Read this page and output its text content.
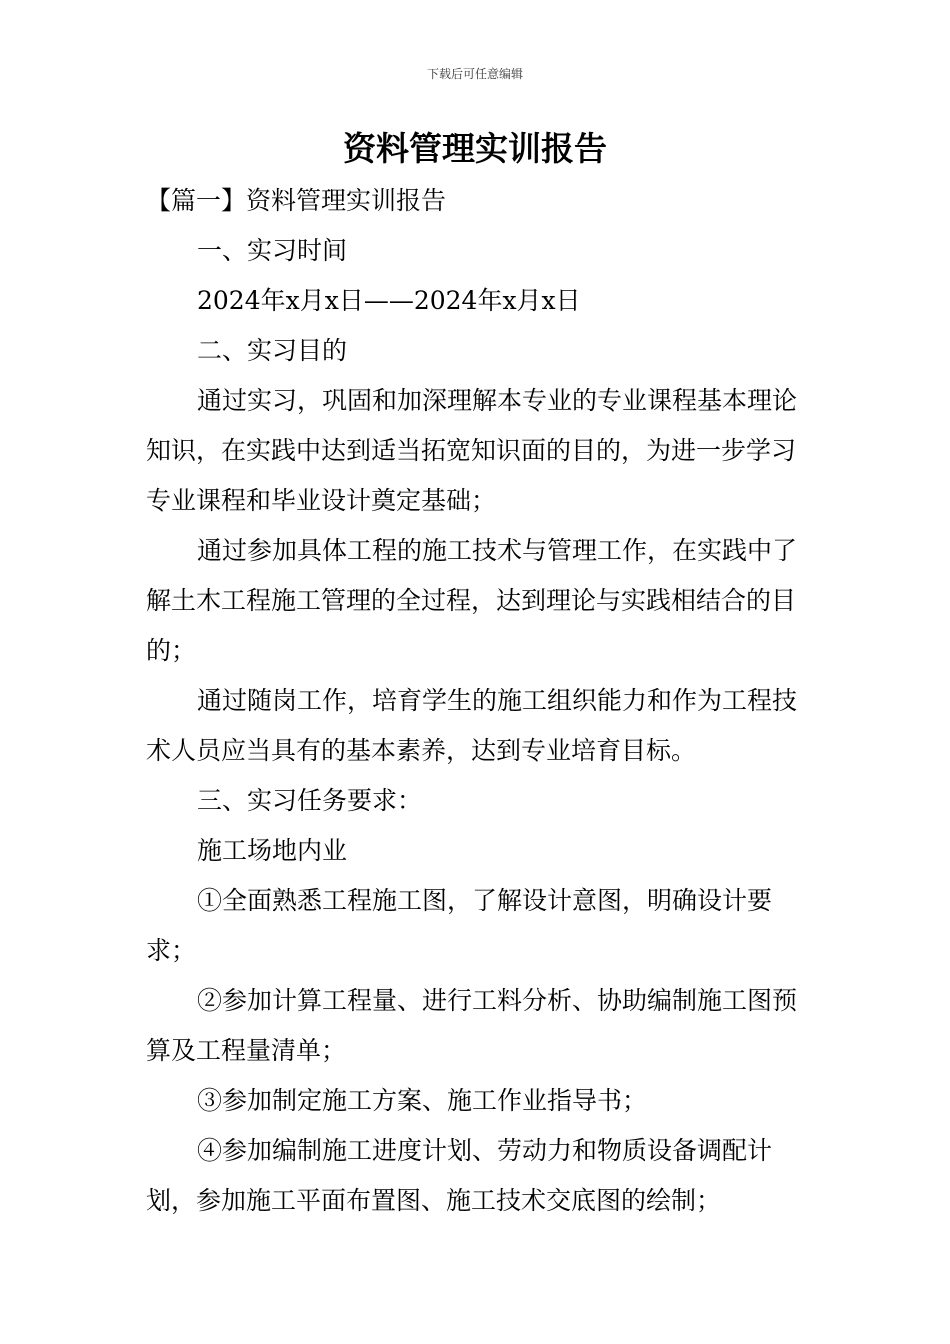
下载后可任意编辑
资料管理实训报告

【篇一】资料管理实训报告

一、实习时间

2024年x月x日——2024年x月x日

二、实习目的

通过实习，巩固和加深理解本专业的专业课程基本理论知识，在实践中达到适当拓宽知识面的目的，为进一步学习专业课程和毕业设计奠定基础；

通过参加具体工程的施工技术与管理工作，在实践中了解土木工程施工管理的全过程，达到理论与实践相结合的目的；

通过随岗工作，培育学生的施工组织能力和作为工程技术人员应当具有的基本素养，达到专业培育目标。

三、实习任务要求：

施工场地内业

①全面熟悉工程施工图，了解设计意图，明确设计要求；

②参加计算工程量、进行工料分析、协助编制施工图预算及工程量清单；

③参加制定施工方案、施工作业指导书；

④参加编制施工进度计划、劳动力和物质设备调配计划，参加施工平面布置图、施工技术交底图的绘制；
